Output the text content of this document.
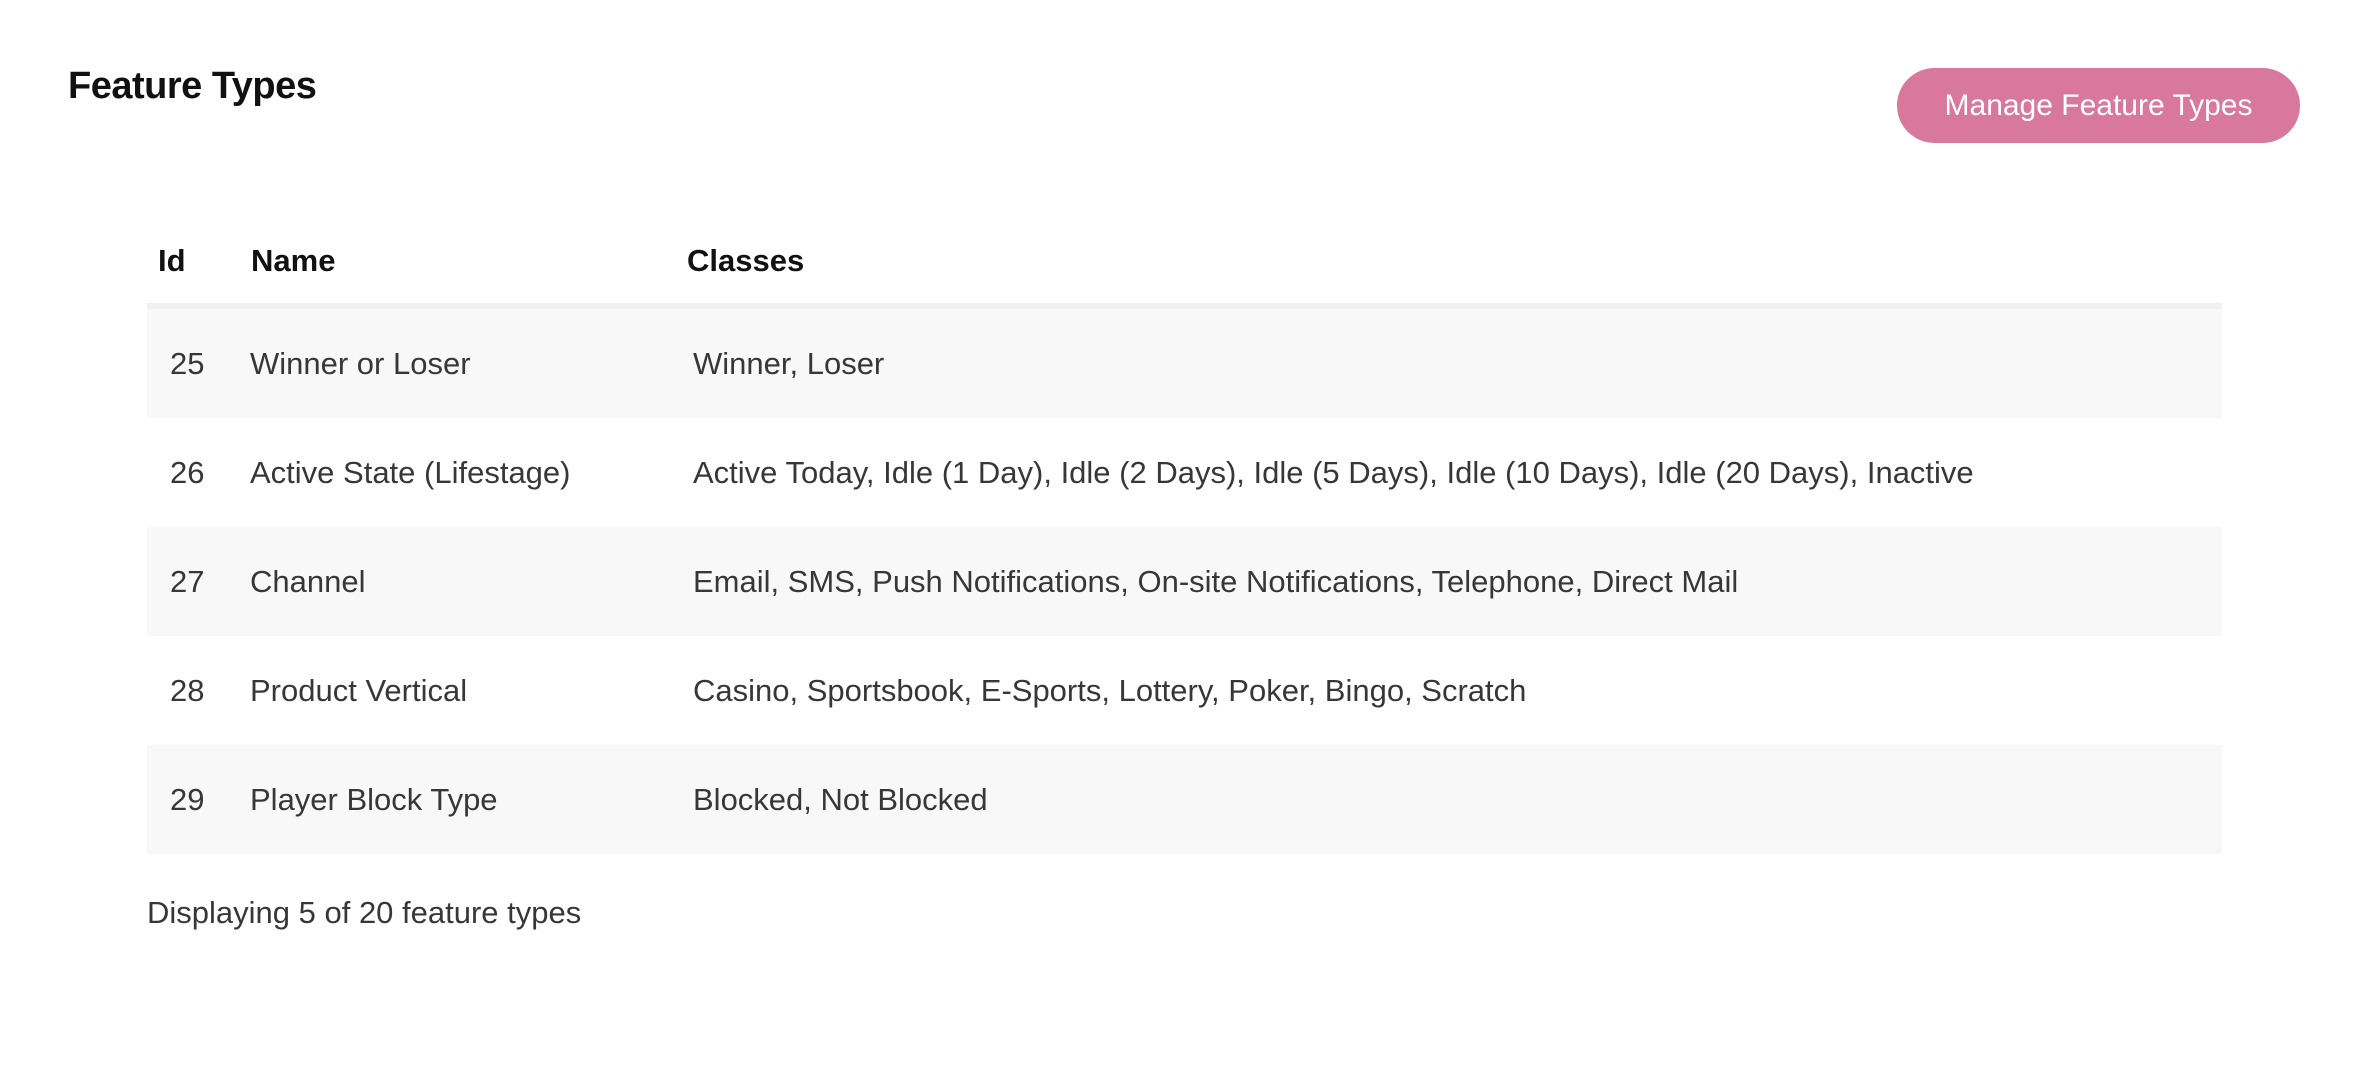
Feature Types	Manage Feature Types
Id Name	Classes
25 Winner or Loser	Winner, Loser
26 Active State (Lifestage)	Active Today, Idle (1 Day), Idle (2 Days), Idle (5 Days), Idle (10 Days), Idle (20 Days), Inactive
27 Channel	Email, SMS, Push Notifications, On-site Notifications, Telephone, Direct Mail
28 Product Vertical	Casino, Sportsbook, E-Sports, Lottery, Poker, Bingo, Scratch
29 Player Block Type	Blocked, Not Blocked
Displaying 5 of 20 feature types
